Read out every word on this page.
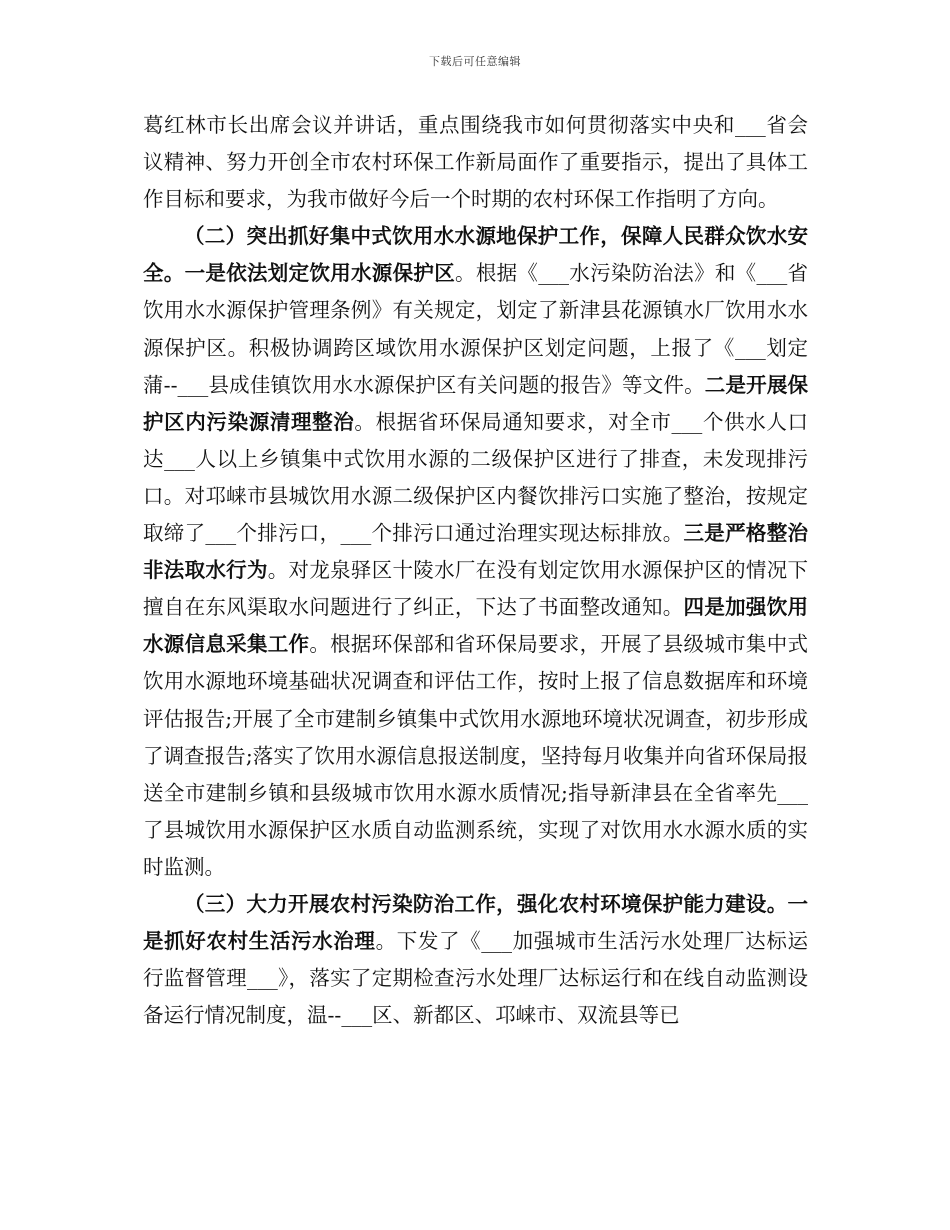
下载后可任意编辑

葛红林市长出席会议并讲话，重点围绕我市如何贯彻落实中央和___省会议精神、努力开创全市农村环保工作新局面作了重要指示，提出了具体工作目标和要求，为我市做好今后一个时期的农村环保工作指明了方向。

（二）突出抓好集中式饮用水水源地保护工作，保障人民群众饮水安全。一是依法划定饮用水源保护区。根据《___水污染防治法》和《___省饮用水水源保护管理条例》有关规定，划定了新津县花源镇水厂饮用水水源保护区。积极协调跨区域饮用水源保护区划定问题，上报了《___划定蒲--___县成佳镇饮用水水源保护区有关问题的报告》等文件。二是开展保护区内污染源清理整治。根据省环保局通知要求，对全市___个供水人口达___人以上乡镇集中式饮用水源的二级保护区进行了排查，未发现排污口。对邛崃市县城饮用水源二级保护区内餐饮排污口实施了整治，按规定取缔了___个排污口，___个排污口通过治理实现达标排放。三是严格整治非法取水行为。对龙泉驿区十陵水厂在没有划定饮用水源保护区的情况下擅自在东风渠取水问题进行了纠正，下达了书面整改通知。四是加强饮用水源信息采集工作。根据环保部和省环保局要求，开展了县级城市集中式饮用水源地环境基础状况调查和评估工作，按时上报了信息数据库和环境评估报告;开展了全市建制乡镇集中式饮用水源地环境状况调查，初步形成了调查报告;落实了饮用水源信息报送制度，坚持每月收集并向省环保局报送全市建制乡镇和县级城市饮用水源水质情况;指导新津县在全省率先___了县城饮用水源保护区水质自动监测系统，实现了对饮用水水源水质的实时监测。

（三）大力开展农村污染防治工作，强化农村环境保护能力建设。一是抓好农村生活污水治理。下发了《___加强城市生活污水处理厂达标运行监督管理___》，落实了定期检查污水处理厂达标运行和在线自动监测设备运行情况制度，温--___区、新都区、邛崃市、双流县等已
